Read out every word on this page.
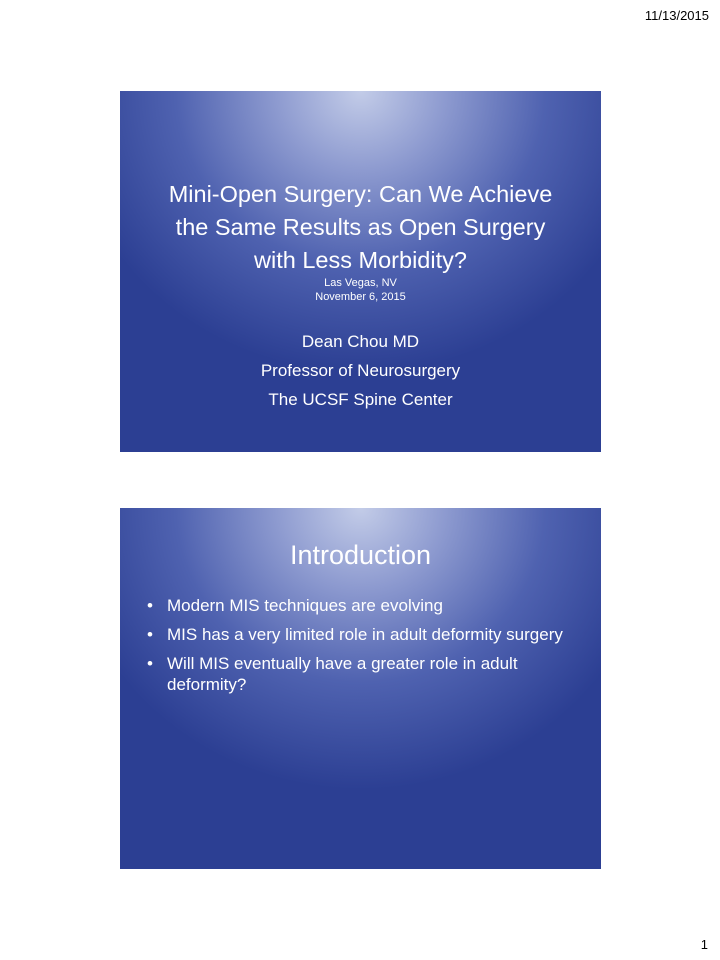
11/13/2015
Mini-Open Surgery: Can We Achieve
the Same Results as Open Surgery
with Less Morbidity?
Las Vegas, NV
November 6, 2015
Dean Chou MD
Professor of Neurosurgery
The UCSF Spine Center
Introduction
• Modern MIS techniques are evolving
• MIS has a very limited role in adult deformity surgery
• Will MIS eventually have a greater role in adult deformity?
1
